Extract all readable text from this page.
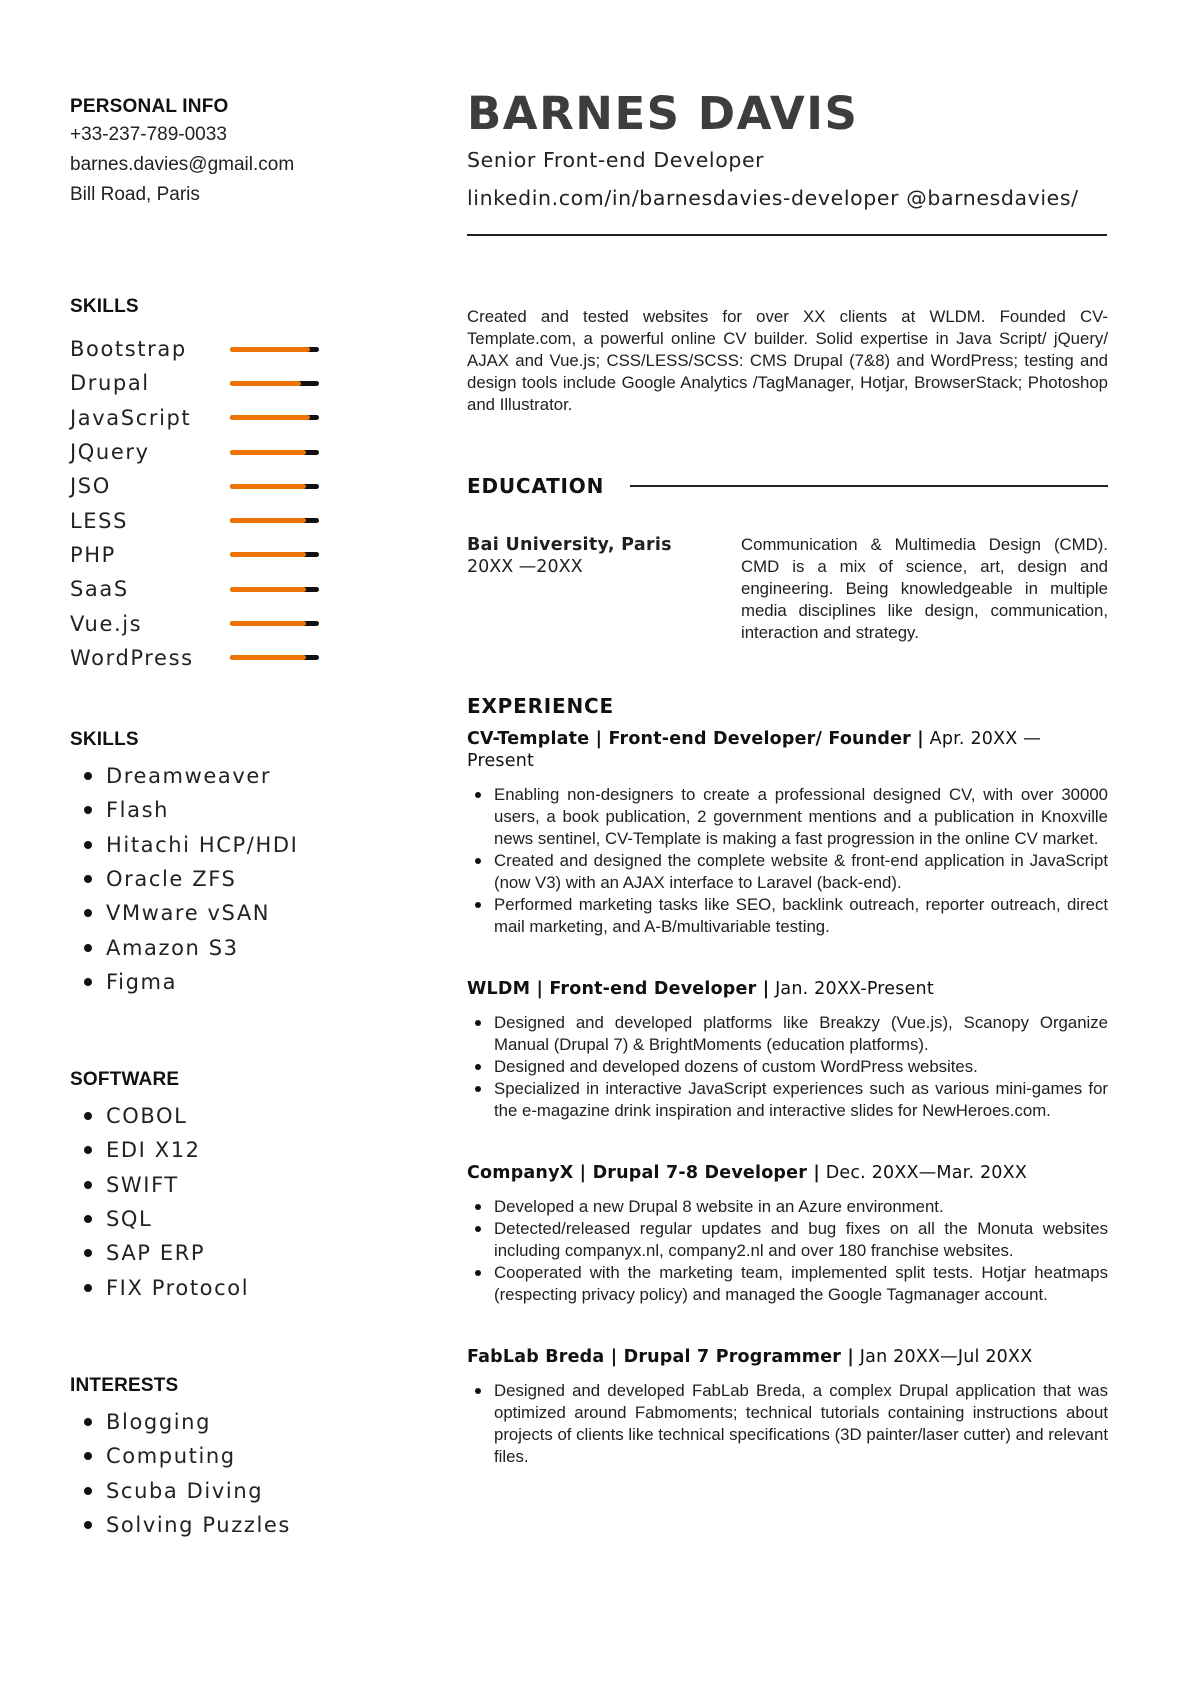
PERSONAL INFO
+33-237-789-0033
barnes.davies@gmail.com
Bill Road, Paris
SKILLS
Bootstrap
Drupal
JavaScript
JQuery
JSO
LESS
PHP
SaaS
Vue.js
WordPress
SKILLS
Dreamweaver
Flash
Hitachi HCP/HDI
Oracle ZFS
VMware vSAN
Amazon S3
Figma
SOFTWARE
COBOL
EDI X12
SWIFT
SQL
SAP ERP
FIX Protocol
INTERESTS
Blogging
Computing
Scuba Diving
Solving Puzzles
BARNES DAVIS
Senior Front-end Developer
linkedin.com/in/barnesdavies-developer @barnesdavies/

Created and tested websites for over XX clients at WLDM. Founded CV-Template.com, a powerful online CV builder. Solid expertise in Java Script/ jQuery/ AJAX and Vue.js; CSS/LESS/SCSS: CMS Drupal (7&8) and WordPress; testing and design tools include Google Analytics /TagManager, Hotjar, BrowserStack; Photoshop and Illustrator.

EDUCATION
Bai University, Paris
20XX —20XX
Communication & Multimedia Design (CMD). CMD is a mix of science, art, design and engineering. Being knowledgeable in multiple media disciplines like design, communication, interaction and strategy.
EXPERIENCE
CV-Template | Front-end Developer/ Founder | Apr. 20XX — Present
Enabling non-designers to create a professional designed CV, with over 30000 users, a book publication, 2 government mentions and a publication in Knoxville news sentinel, CV-Template is making a fast progression in the online CV market.
Created and designed the complete website & front-end application in JavaScript (now V3) with an AJAX interface to Laravel (back-end).
Performed marketing tasks like SEO, backlink outreach, reporter outreach, direct mail marketing, and A-B/multivariable testing.
WLDM | Front-end Developer | Jan. 20XX-Present
Designed and developed platforms like Breakzy (Vue.js), Scanopy Organize Manual (Drupal 7) & BrightMoments (education platforms).
Designed and developed dozens of custom WordPress websites.
Specialized in interactive JavaScript experiences such as various mini-games for the e-magazine drink inspiration and interactive slides for NewHeroes.com.
CompanyX | Drupal 7-8 Developer | Dec. 20XX—Mar. 20XX
Developed a new Drupal 8 website in an Azure environment.
Detected/released regular updates and bug fixes on all the Monuta websites including companyx.nl, company2.nl and over 180 franchise websites.
Cooperated with the marketing team, implemented split tests. Hotjar heatmaps (respecting privacy policy) and managed the Google Tagmanager account.
FabLab Breda | Drupal 7 Programmer | Jan 20XX—Jul 20XX
Designed and developed FabLab Breda, a complex Drupal application that was optimized around Fabmoments; technical tutorials containing instructions about projects of clients like technical specifications (3D painter/laser cutter) and relevant files.
